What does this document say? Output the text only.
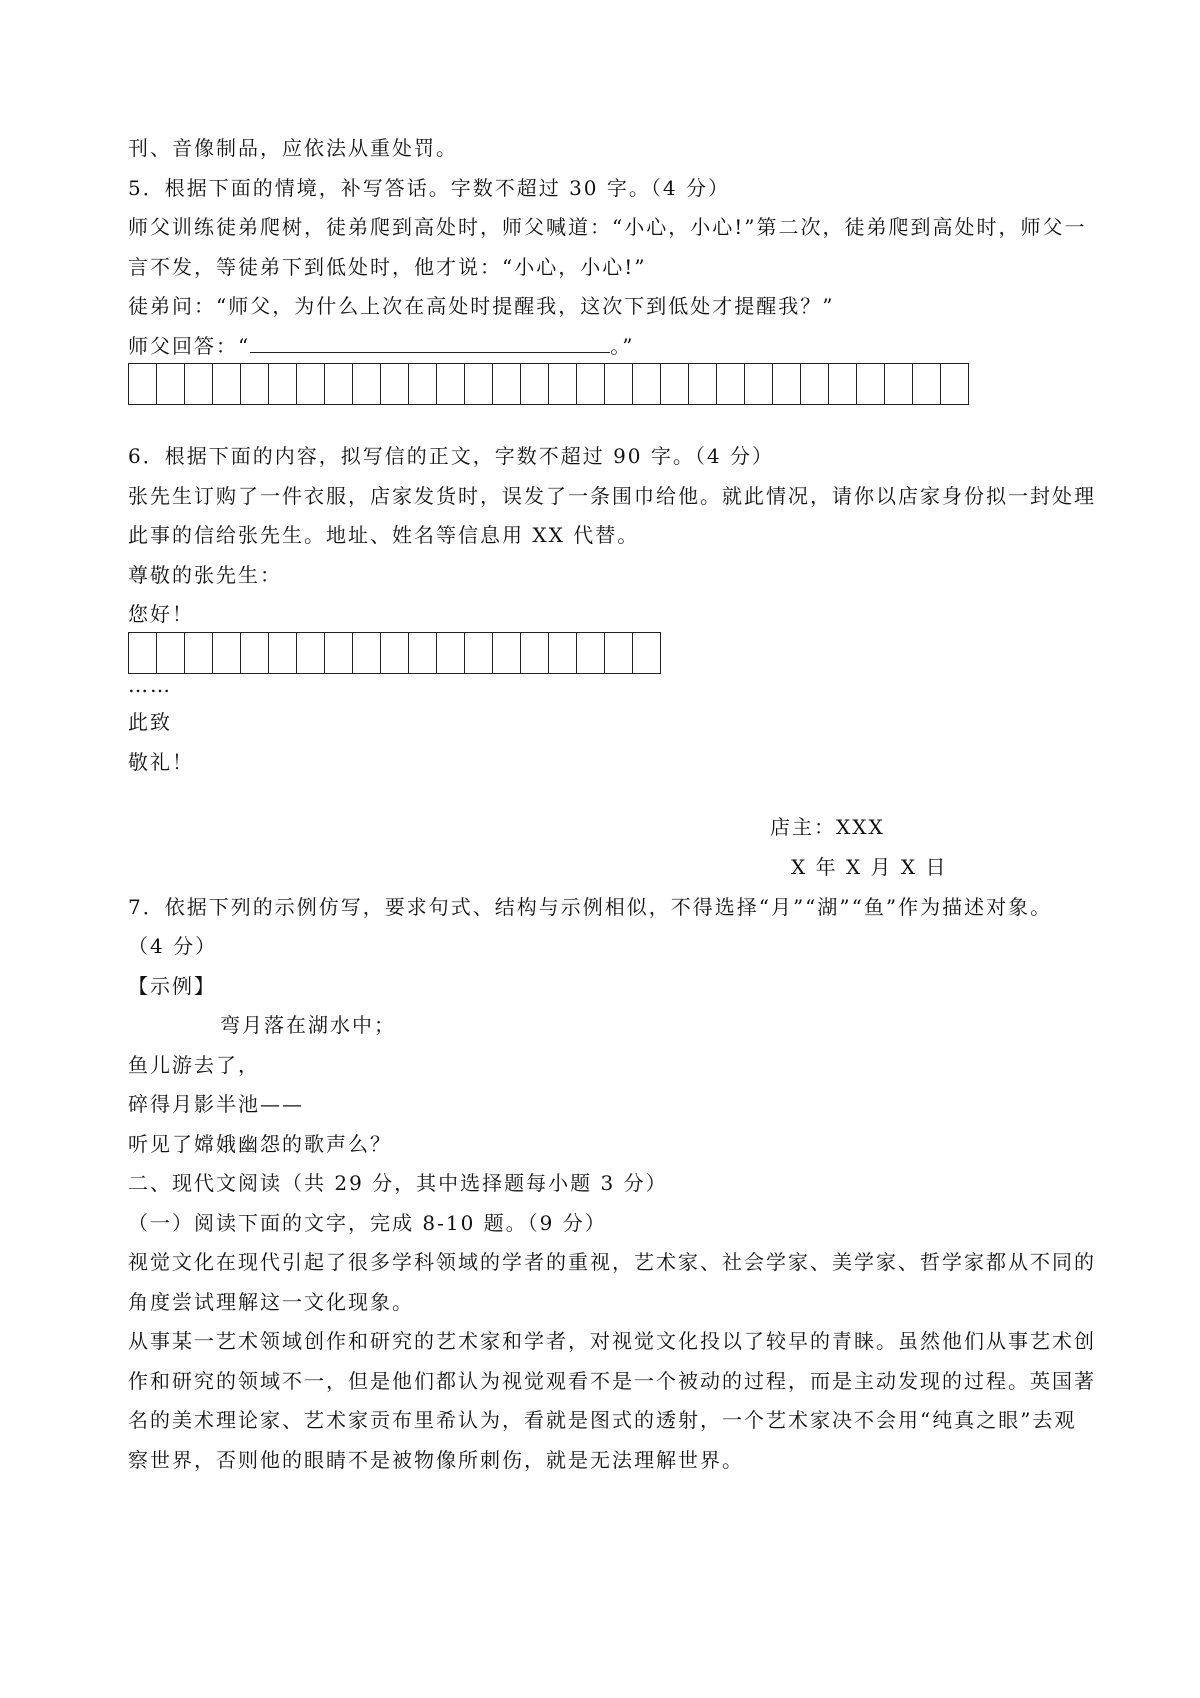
刊、音像制品，应依法从重处罚。
5．根据下面的情境，补写答话。字数不超过 30 字。（4 分）
师父训练徒弟爬树，徒弟爬到高处时，师父喊道：“小心，小心!”第二次，徒弟爬到高处时，师父一
言不发，等徒弟下到低处时，他才说：“小心，小心!”
徒弟问：“师父，为什么上次在高处时提醒我，这次下到低处才提醒我？”
师父回答：“	。”
6．根据下面的内容，拟写信的正文，字数不超过 90 字。（4 分）
张先生订购了一件衣服，店家发货时，误发了一条围巾给他。就此情况，请你以店家身份拟一封处理
此事的信给张先生。地址、姓名等信息用 XX 代替。
尊敬的张先生：
您好！
……
此致
敬礼！
店主：XXX
X 年 X 月 X 日
7．依据下列的示例仿写，要求句式、结构与示例相似，不得选择“月”“湖”“鱼”作为描述对象。
（4 分）
【示例】
弯月落在湖水中；
鱼儿游去了，
碎得月影半池——
听见了嫦娥幽怨的歌声么？
二、现代文阅读（共 29 分，其中选择题每小题 3 分）
（一）阅读下面的文字，完成 8-10 题。（9 分）
视觉文化在现代引起了很多学科领域的学者的重视，艺术家、社会学家、美学家、哲学家都从不同的
角度尝试理解这一文化现象。
从事某一艺术领域创作和研究的艺术家和学者，对视觉文化投以了较早的青睐。虽然他们从事艺术创
作和研究的领域不一，但是他们都认为视觉观看不是一个被动的过程，而是主动发现的过程。英国著
名的美术理论家、艺术家贡布里希认为，看就是图式的透射，一个艺术家决不会用“纯真之眼”去观
察世界，否则他的眼睛不是被物像所刺伤，就是无法理解世界。
